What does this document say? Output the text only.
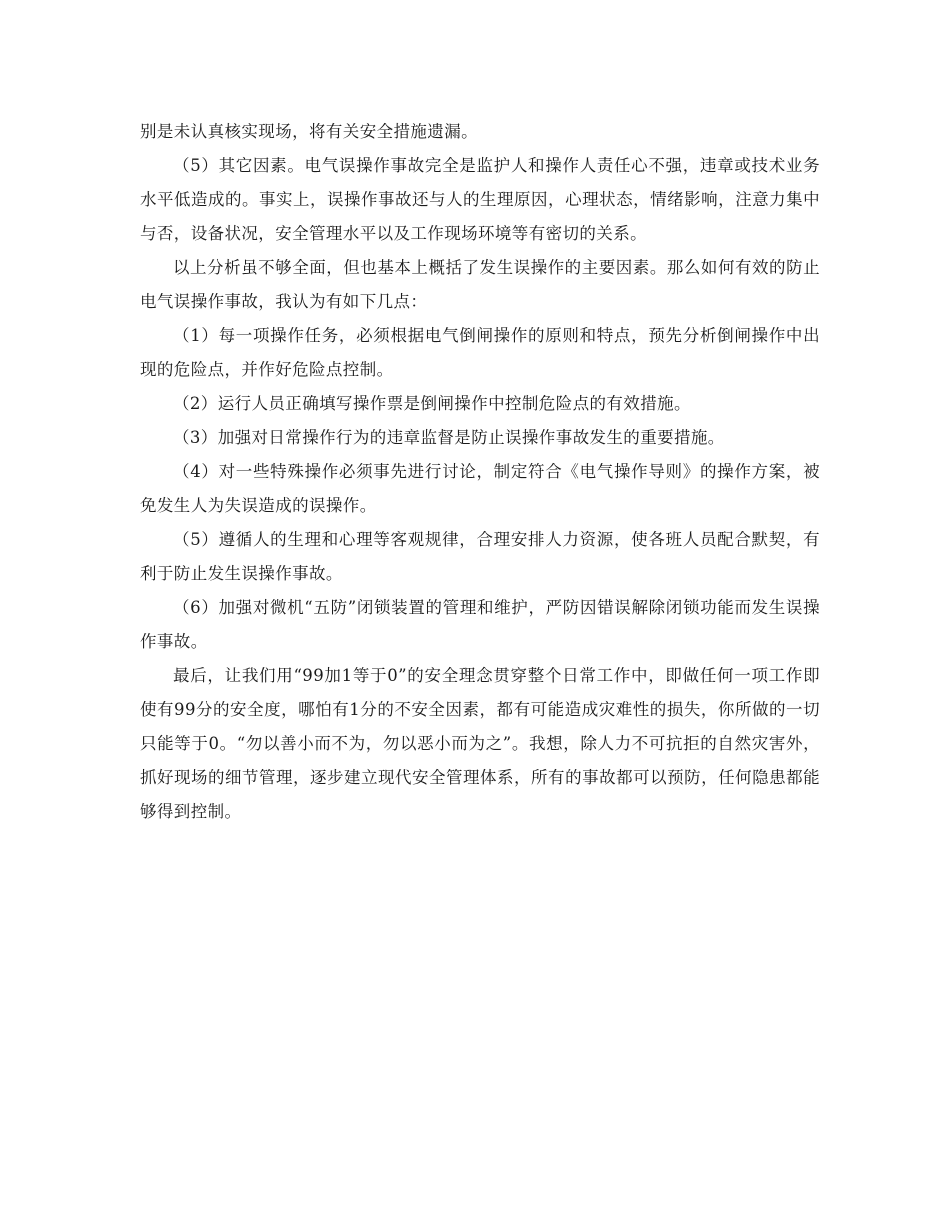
别是未认真核实现场，将有关安全措施遗漏。

（5）其它因素。电气误操作事故完全是监护人和操作人责任心不强，违章或技术业务水平低造成的。事实上，误操作事故还与人的生理原因，心理状态，情绪影响，注意力集中与否，设备状况，安全管理水平以及工作现场环境等有密切的关系。

以上分析虽不够全面，但也基本上概括了发生误操作的主要因素。那么如何有效的防止电气误操作事故，我认为有如下几点：

（1）每一项操作任务，必须根据电气倒闸操作的原则和特点，预先分析倒闸操作中出现的危险点，并作好危险点控制。

（2）运行人员正确填写操作票是倒闸操作中控制危险点的有效措施。

（3）加强对日常操作行为的违章监督是防止误操作事故发生的重要措施。

（4）对一些特殊操作必须事先进行讨论，制定符合《电气操作导则》的操作方案，被免发生人为失误造成的误操作。

（5）遵循人的生理和心理等客观规律，合理安排人力资源，使各班人员配合默契，有利于防止发生误操作事故。

（6）加强对微机“五防”闭锁装置的管理和维护，严防因错误解除闭锁功能而发生误操作事故。

最后，让我们用“99加1等于0”的安全理念贯穿整个日常工作中，即做任何一项工作即使有99分的安全度，哪怕有1分的不安全因素，都有可能造成灾难性的损失，你所做的一切只能等于0。“勿以善小而不为，勿以恶小而为之”。我想，除人力不可抗拒的自然灾害外，抓好现场的细节管理，逐步建立现代安全管理体系，所有的事故都可以预防，任何隐患都能够得到控制。
